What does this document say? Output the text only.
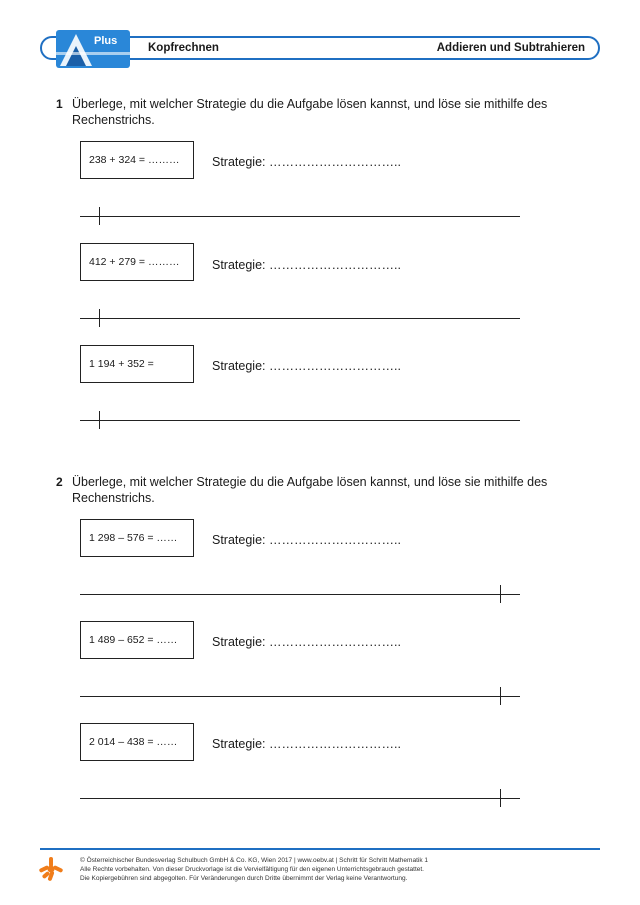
Plus
Kopfrechnen	Addieren und Subtrahieren
1 Überlege, mit welcher Strategie du die Aufgabe lösen kannst, und löse sie mithilfe des Rechenstrichs.
238 + 324 = ………	Strategie: …………………………..
412 + 279 = ………	Strategie: …………………………..
1 194 + 352 =	Strategie: …………………………..
2 Überlege, mit welcher Strategie du die Aufgabe lösen kannst, und löse sie mithilfe des Rechenstrichs.
1 298 – 576 = ……	Strategie: …………………………..
1 489 – 652 = ……	Strategie: …………………………..
2 014 – 438 = ……	Strategie: …………………………..
© Österreichischer Bundesverlag Schulbuch GmbH & Co. KG, Wien 2017 | www.oebv.at | Schritt für Schritt Mathematik 1
Alle Rechte vorbehalten. Von dieser Druckvorlage ist die Vervielfältigung für den eigenen Unterrichtsgebrauch gestattet.
Die Kopiergebühren sind abgegolten. Für Veränderungen durch Dritte übernimmt der Verlag keine Verantwortung.
